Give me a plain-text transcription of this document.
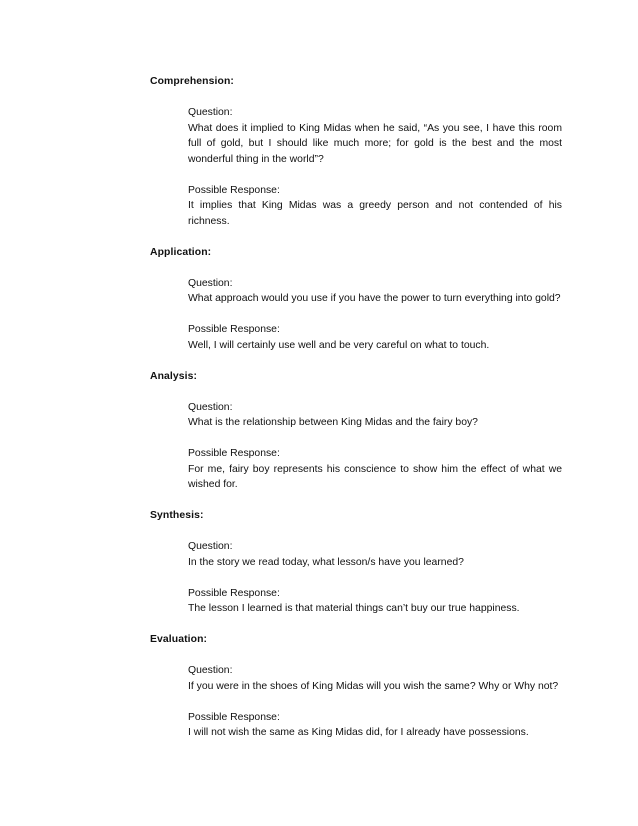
Comprehension:

Question:

What does it implied to King Midas when he said, “As you see, I have this room full of gold, but I should like much more; for gold is the best and the most wonderful thing in the world”?

Possible Response:

It implies that King Midas was a greedy person and not contended of his richness.

Application:

Question:

What approach would you use if you have the power to turn everything into gold?

Possible Response:

Well, I will certainly use well and be very careful on what to touch.

Analysis:

Question:

What is the relationship between King Midas and the fairy boy?

Possible Response:

For me, fairy boy represents his conscience to show him the effect of what we wished for.

Synthesis:

Question:

In the story we read today, what lesson/s have you learned?

Possible Response:

The lesson I learned is that material things can’t buy our true happiness.

Evaluation:

Question:

If you were in the shoes of King Midas will you wish the same? Why or Why not?

Possible Response:

I will not wish the same as King Midas did, for I already have possessions.
